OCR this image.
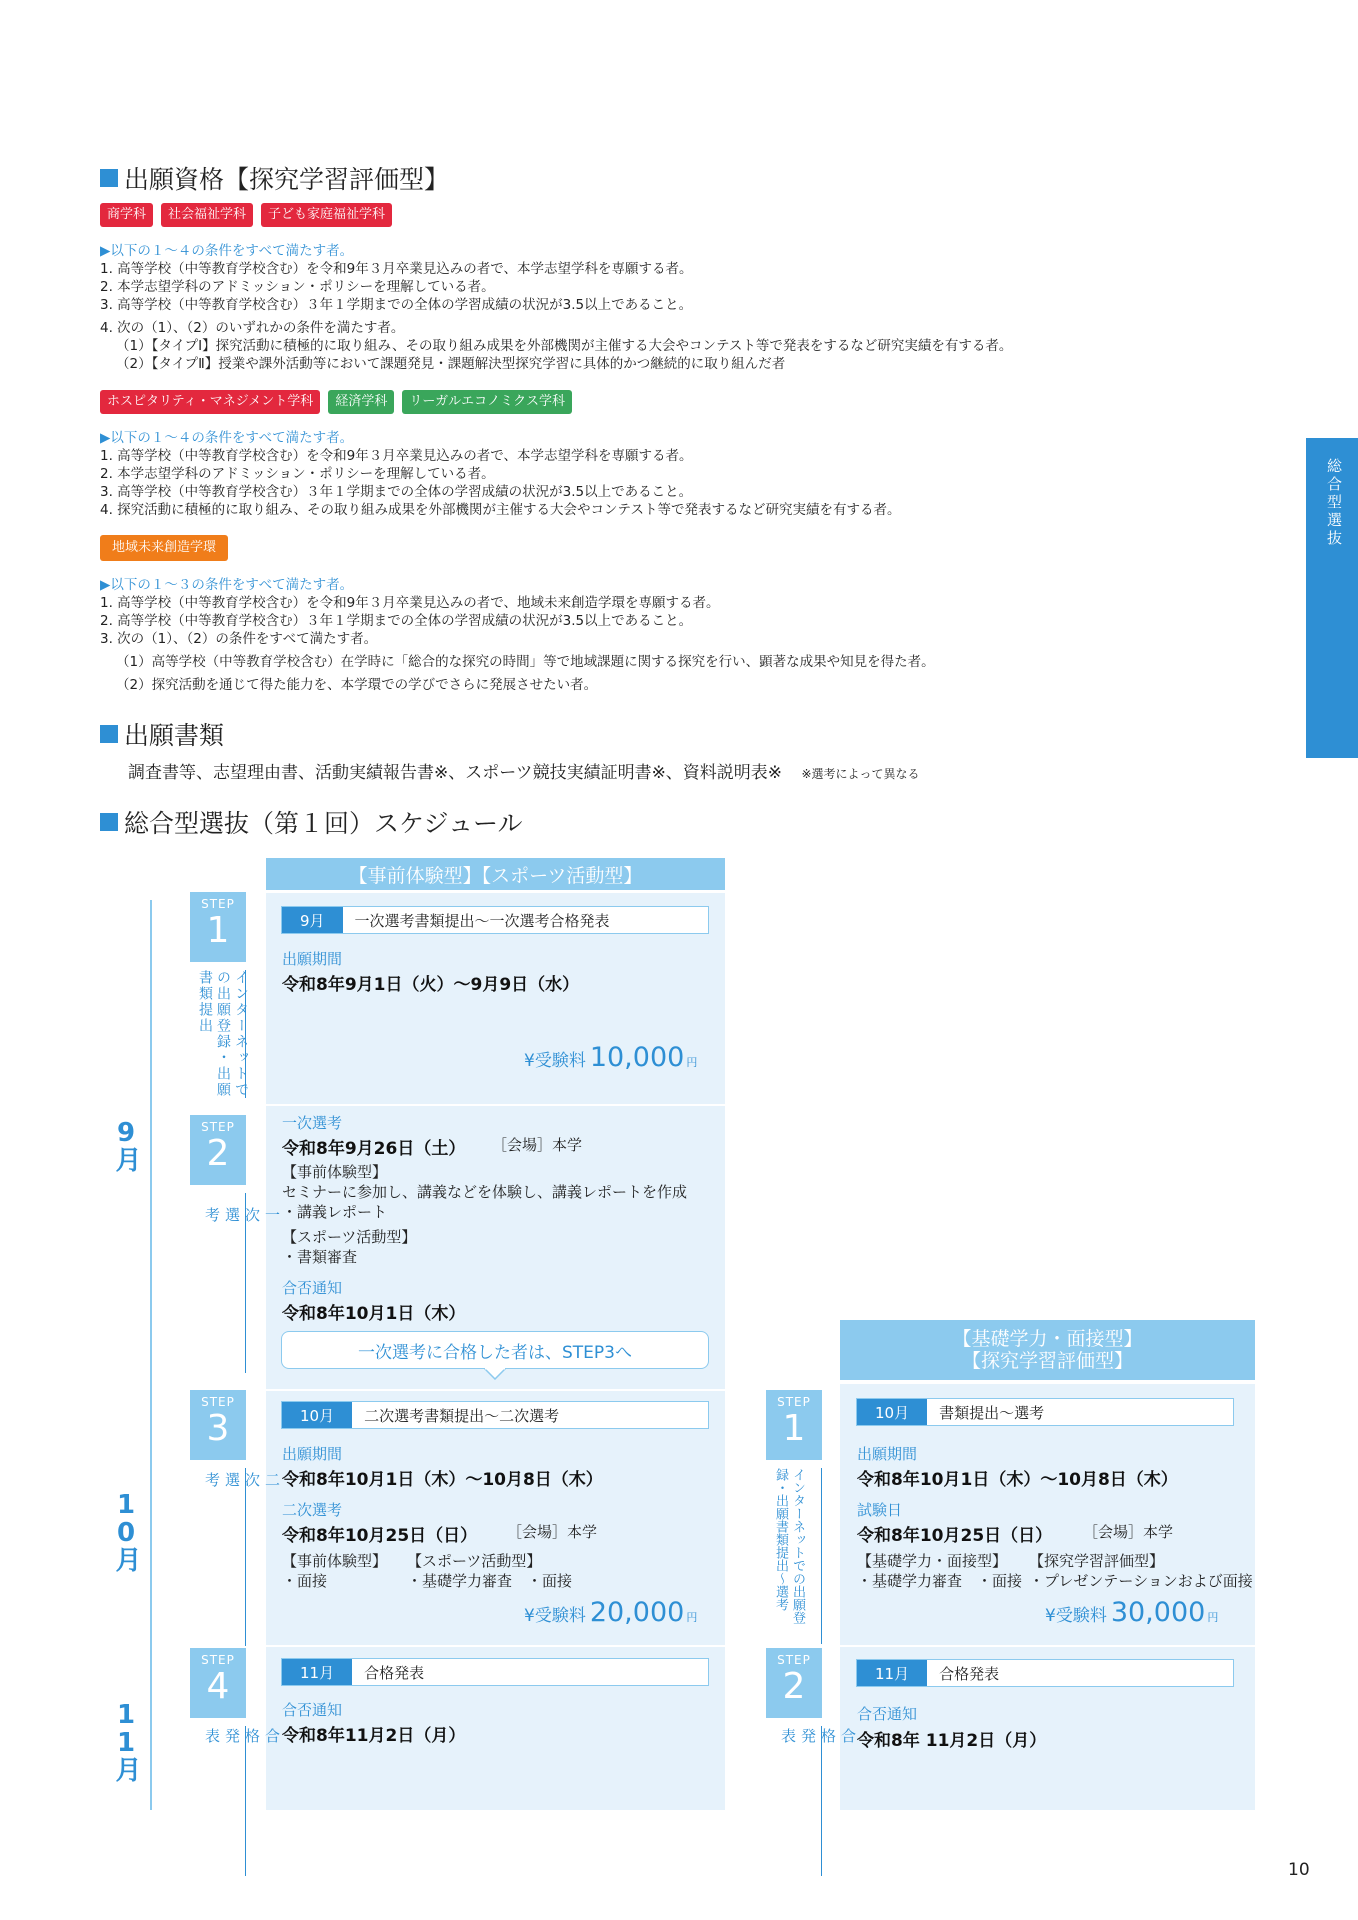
総合型選抜
出願資格【探究学習評価型】
商学科	社会福祉学科	子ども家庭福祉学科
▶以下の１～４の条件をすべて満たす者。
1. 高等学校（中等教育学校含む）を令和9年３月卒業見込みの者で、本学志望学科を専願する者。
2. 本学志望学科のアドミッション・ポリシーを理解している者。
3. 高等学校（中等教育学校含む）３年１学期までの全体の学習成績の状況が3.5以上であること。
4. 次の（1）、（2）のいずれかの条件を満たす者。
（1）【タイプⅠ】探究活動に積極的に取り組み、その取り組み成果を外部機関が主催する大会やコンテスト等で発表をするなど研究実績を有する者。
（2）【タイプⅡ】授業や課外活動等において課題発見・課題解決型探究学習に具体的かつ継続的に取り組んだ者
ホスピタリティ・マネジメント学科	経済学科	リーガルエコノミクス学科
▶以下の１～４の条件をすべて満たす者。
1. 高等学校（中等教育学校含む）を令和9年３月卒業見込みの者で、本学志望学科を専願する者。
2. 本学志望学科のアドミッション・ポリシーを理解している者。
3. 高等学校（中等教育学校含む）３年１学期までの全体の学習成績の状況が3.5以上であること。
4. 探究活動に積極的に取り組み、その取り組み成果を外部機関が主催する大会やコンテスト等で発表するなど研究実績を有する者。
地域未来創造学環
▶以下の１～３の条件をすべて満たす者。
1. 高等学校（中等教育学校含む）を令和9年３月卒業見込みの者で、地域未来創造学環を専願する者。
2. 高等学校（中等教育学校含む）３年１学期までの全体の学習成績の状況が3.5以上であること。
3. 次の（1）、（2）の条件をすべて満たす者。
（1）高等学校（中等教育学校含む）在学時に「総合的な探究の時間」等で地域課題に関する探究を行い、顕著な成果や知見を得た者。
（2）探究活動を通じて得た能力を、本学環での学びでさらに発展させたい者。
出願書類
調査書等、志望理由書、活動実績報告書※、スポーツ競技実績証明書※、資料説明表※ ※選考によって異なる
総合型選抜（第１回）スケジュール
9月
10月
11月
【事前体験型】【スポーツ活動型】
STEP
1
インターネットでの出願登録・出願書類提出
STEP
2
一次選考
STEP
3
二次選考
STEP
4
合格発表
9月	一次選考書類提出～一次選考合格発表
出願期間
令和8年9月1日（火）～9月9日（水）
¥受験料 10,000 円
一次選考
令和8年9月26日（土） ［会場］本学
【事前体験型】
セミナーに参加し、講義などを体験し、講義レポートを作成
・講義レポート
【スポーツ活動型】
・書類審査
合否通知
令和8年10月1日（木）
一次選考に合格した者は、STEP3へ
10月	二次選考書類提出～二次選考
出願期間
令和8年10月1日（木）～10月8日（木）
二次選考
令和8年10月25日（日） ［会場］本学
【事前体験型】
・面接
【スポーツ活動型】
・基礎学力審査　・面接
¥受験料 20,000 円
11月	合格発表
合否通知
令和8年11月2日（月）
【基礎学力・面接型】
【探究学習評価型】
STEP
1
インターネットでの出願登録・出願書類提出～選考
STEP
2
合格発表
10月	書類提出～選考
出願期間
令和8年10月1日（木）～10月8日（木）
試験日
令和8年10月25日（日） ［会場］本学
【基礎学力・面接型】
・基礎学力審査　・面接
【探究学習評価型】
・プレゼンテーションおよび面接
¥受験料 30,000 円
11月	合格発表
合否通知
令和8年 11月2日（月）
10
